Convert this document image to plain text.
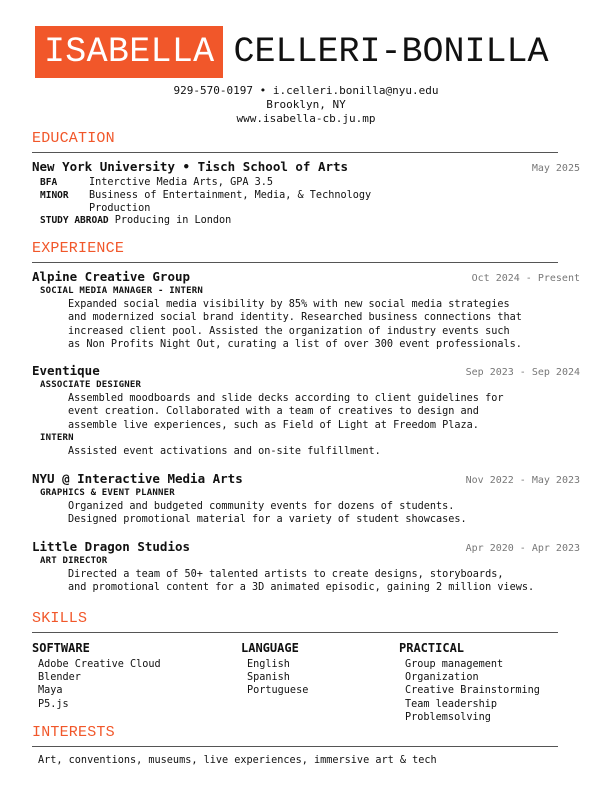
ISABELLA CELLERI-BONILLA
929-570-0197 • i.celleri.bonilla@nyu.edu
Brooklyn, NY
www.isabella-cb.ju.mp
EDUCATION
New York University • Tisch School of Arts	May 2025
BFA	Interctive Media Arts, GPA 3.5
MINOR	Business of Entertainment, Media, & Technology Production
STUDY ABROAD Producing in London
EXPERIENCE
Alpine Creative Group	Oct 2024 - Present
SOCIAL MEDIA MANAGER - INTERN
Expanded social media visibility by 85% with new social media strategies
and modernized social brand identity. Researched business connections that
increased client pool. Assisted the organization of industry events such
as Non Profits Night Out, curating a list of over 300 event professionals.
Eventique	Sep 2023 - Sep 2024
ASSOCIATE DESIGNER
Assembled moodboards and slide decks according to client guidelines for
event creation. Collaborated with a team of creatives to design and
assemble live experiences, such as Field of Light at Freedom Plaza.
INTERN
Assisted event activations and on-site fulfillment.
NYU @ Interactive Media Arts	Nov 2022 - May 2023
GRAPHICS & EVENT PLANNER
Organized and budgeted community events for dozens of students.
Designed promotional material for a variety of student showcases.
Little Dragon Studios	Apr 2020 - Apr 2023
ART DIRECTOR
Directed a team of 50+ talented artists to create designs, storyboards,
and promotional content for a 3D animated episodic, gaining 2 million views.
SKILLS
SOFTWARE
Adobe Creative Cloud
Blender
Maya
P5.js
LANGUAGE
English
Spanish
Portuguese
PRACTICAL
Group management
Organization
Creative Brainstorming
Team leadership
Problemsolving
INTERESTS
Art, conventions, museums, live experiences, immersive art & tech
